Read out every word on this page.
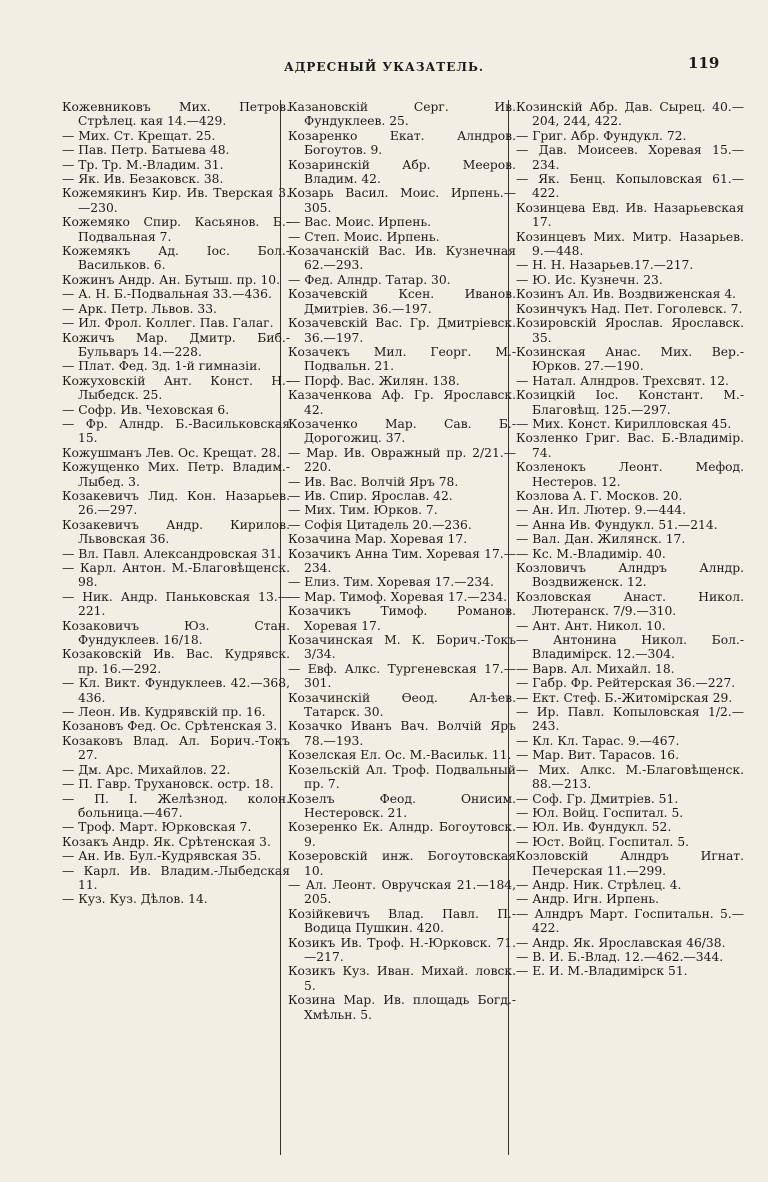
АДРЕСНЫЙ УКАЗАТЕЛЬ.	119
Кожевниковъ Мих. Петров. Стрѣлец. кая 14.—429.
— Мих. Ст. Крещат. 25.
— Пав. Петр. Батыева 48.
— Тр. Тр. М.-Владим. 31.
— Як. Ив. Безаковск. 38.
Кожемякинъ Кир. Ив. Тверская 3.—230.
Кожемяко Спир. Касьянов. Б.-Подвальная 7.
Кожемякъ Ад. Іос. Бол.-Васильков. 6.
Кожинъ Андр. Ан. Бутыш. пр. 10.
— А. Н. Б.-Подвальная 33.—436.
— Арк. Петр. Львов. 33.
— Ил. Фрол. Коллег. Пав. Галаг.
Кожичъ Мар. Дмитр. Биб.-Бульваръ 14.—228.
— Плат. Фед. Зд. 1-й гимназіи.
Кожуховскій Ант. Конст. Н.-Лыбедск. 25.
— Софр. Ив. Чеховская 6.
— Фр. Алндр. Б.-Васильковская 15.
Кожушманъ Лев. Ос. Крещат. 28.
Кожущенко Мих. Петр. Владим.-Лыбед. 3.
Козакевичъ Лид. Кон. Назарьев. 26.—297.
Козакевичъ Андр. Кирилов. Львовская 36.
— Вл. Павл. Александровская 31.
— Карл. Антон. М.-Благовѣщенск. 98.
— Ник. Андр. Паньковская 13.—221.
Козаковичъ Юз. Стан. Фундуклеев. 16/18.
Козаковскій Ив. Вас. Кудрявск. пр. 16.—292.
— Кл. Викт. Фундуклеев. 42.—368, 436.
— Леон. Ив. Кудрявскій пр. 16.
Козановъ Фед. Ос. Срѣтенская 3.
Козаковъ Влад. Ал. Борич.-Токъ 27.
— Дм. Арс. Михайлов. 22.
— П. Гавр. Трухановск. остр. 18.
— П. І. Желѣзнод. колон. больница.—467.
— Троф. Март. Юрковская 7.
Козакъ Андр. Як. Срѣтенская 3.
— Ан. Ив. Бул.-Кудрявская 35.
— Карл. Ив. Владим.-Лыбедская 11.
— Куз. Куз. Дѣлов. 14.
Казановскій Серг. Ив. Фундуклеев. 25.
Козаренко Екат. Алндров. Богоутов. 9.
Козаринскій Абр. Мееров. Владим. 42.
Козарь Васил. Моис. Ирпень.—305.
— Вас. Моис. Ирпень.
— Степ. Моис. Ирпень.
Козачанскій Вас. Ив. Кузнечная 62.—293.
— Фед. Алндр. Татар. 30.
Козачевскій Ксен. Иванов. Дмитріев. 36.—197.
Козачевскій Вас. Гр. Дмитріевск. 36.—197.
Козачекъ Мил. Георг. М.-Подвальн. 21.
— Порф. Вас. Жилян. 138.
Казаченкова Аф. Гр. Ярославск. 42.
Козаченко Мар. Сав. Б.-Дорогожиц. 37.
— Мар. Ив. Овражный пр. 2/21.—220.
— Ив. Вас. Волчій Яръ 78.
— Ив. Спир. Ярослав. 42.
— Мих. Тим. Юрков. 7.
— Софія Цитадель 20.—236.
Козачина Мар. Хоревая 17.
Козачикъ Анна Тим. Хоревая 17.—234.
— Елиз. Тим. Хоревая 17.—234.
— Мар. Тимоф. Хоревая 17.—234.
Козачикъ Тимоф. Романов. Хоревая 17.
Козачинская М. К. Борич.-Токъ 3/34.
— Евф. Алкс. Тургеневская 17.—301.
Козачинскій Ѳеод. Ал-ѣев. Татарск. 30.
Козачко Иванъ Вач. Волчій Яръ 78.—193.
Козелская Ел. Ос. М.-Васильк. 11.
Козельскій Ал. Троф. Подвальный пр. 7.
Козелъ Феод. Онисим. Нестеровск. 21.
Козеренко Ек. Алндр. Богоутовск. 9.
Козеровскій инж. Богоутовская 10.
— Ал. Леонт. Овручская 21.—184, 205.
Козійкевичъ Влад. Павл. П.-Водица Пушкин. 420.
Козикъ Ив. Троф. Н.-Юрковск. 71.—217.
Козикъ Куз. Иван. Михай. ловск. 5.
Козина Мар. Ив. площадь Богд.-Хмѣльн. 5.
Козинскій Абр. Дав. Сырец. 40.—204, 244, 422.
— Григ. Абр. Фундукл. 72.
— Дав. Моисеев. Хоревая 15.—234.
— Як. Бенц. Копыловская 61.—422.
Козинцева Евд. Ив. Назарьевская 17.
Козинцевъ Мих. Митр. Назарьев. 9.—448.
— Н. Н. Назарьев.17.—217.
— Ю. Ис. Кузнечн. 23.
Козинъ Ал. Ив. Воздвиженская 4.
Козинчукъ Над. Пет. Гоголевск. 7.
Козировскій Ярослав. Ярославск. 35.
Козинская Анас. Мих. Вер.-Юрков. 27.—190.
— Натал. Алндров. Трехсвят. 12.
Козицкій Іос. Констант. М.-Благовѣщ. 125.—297.
— Мих. Конст. Кирилловская 45.
Козленко Григ. Вас. Б.-Владимір. 74.
Козленокъ Леонт. Мефод. Нестеров. 12.
Козлова А. Г. Москов. 20.
— Ан. Ил. Лютер. 9.—444.
— Анна Ив. Фундукл. 51.—214.
— Вал. Дан. Жилянск. 17.
— Кс. М.-Владимір. 40.
Козловичъ Алндръ Алндр. Воздвиженск. 12.
Козловская Анаст. Никол. Лютеранск. 7/9.—310.
— Ант. Ант. Никол. 10.
— Антонина Никол. Бол.-Владимірск. 12.—304.
— Варв. Ал. Михайл. 18.
— Габр. Фр. Рейтерская 36.—227.
— Ект. Стеф. Б.-Житомірская 29.
— Ир. Павл. Копыловская 1/2.—243.
— Кл. Кл. Тарас. 9.—467.
— Мар. Вит. Тарасов. 16.
— Мих. Алкс. М.-Благовѣщенск. 88.—213.
— Соф. Гр. Дмитріев. 51.
— Юл. Войц. Госпитал. 5.
— Юл. Ив. Фундукл. 52.
— Юст. Войц. Госпитал. 5.
Козловскій Алндръ Игнат. Печерская 11.—299.
— Андр. Ник. Стрѣлец. 4.
— Андр. Игн. Ирпень.
— Алндръ Март. Госпитальн. 5.—422.
— Андр. Як. Ярославская 46/38.
— В. И. Б.-Влад. 12.—462.—344.
— Е. И. М.-Владимірск 51.
